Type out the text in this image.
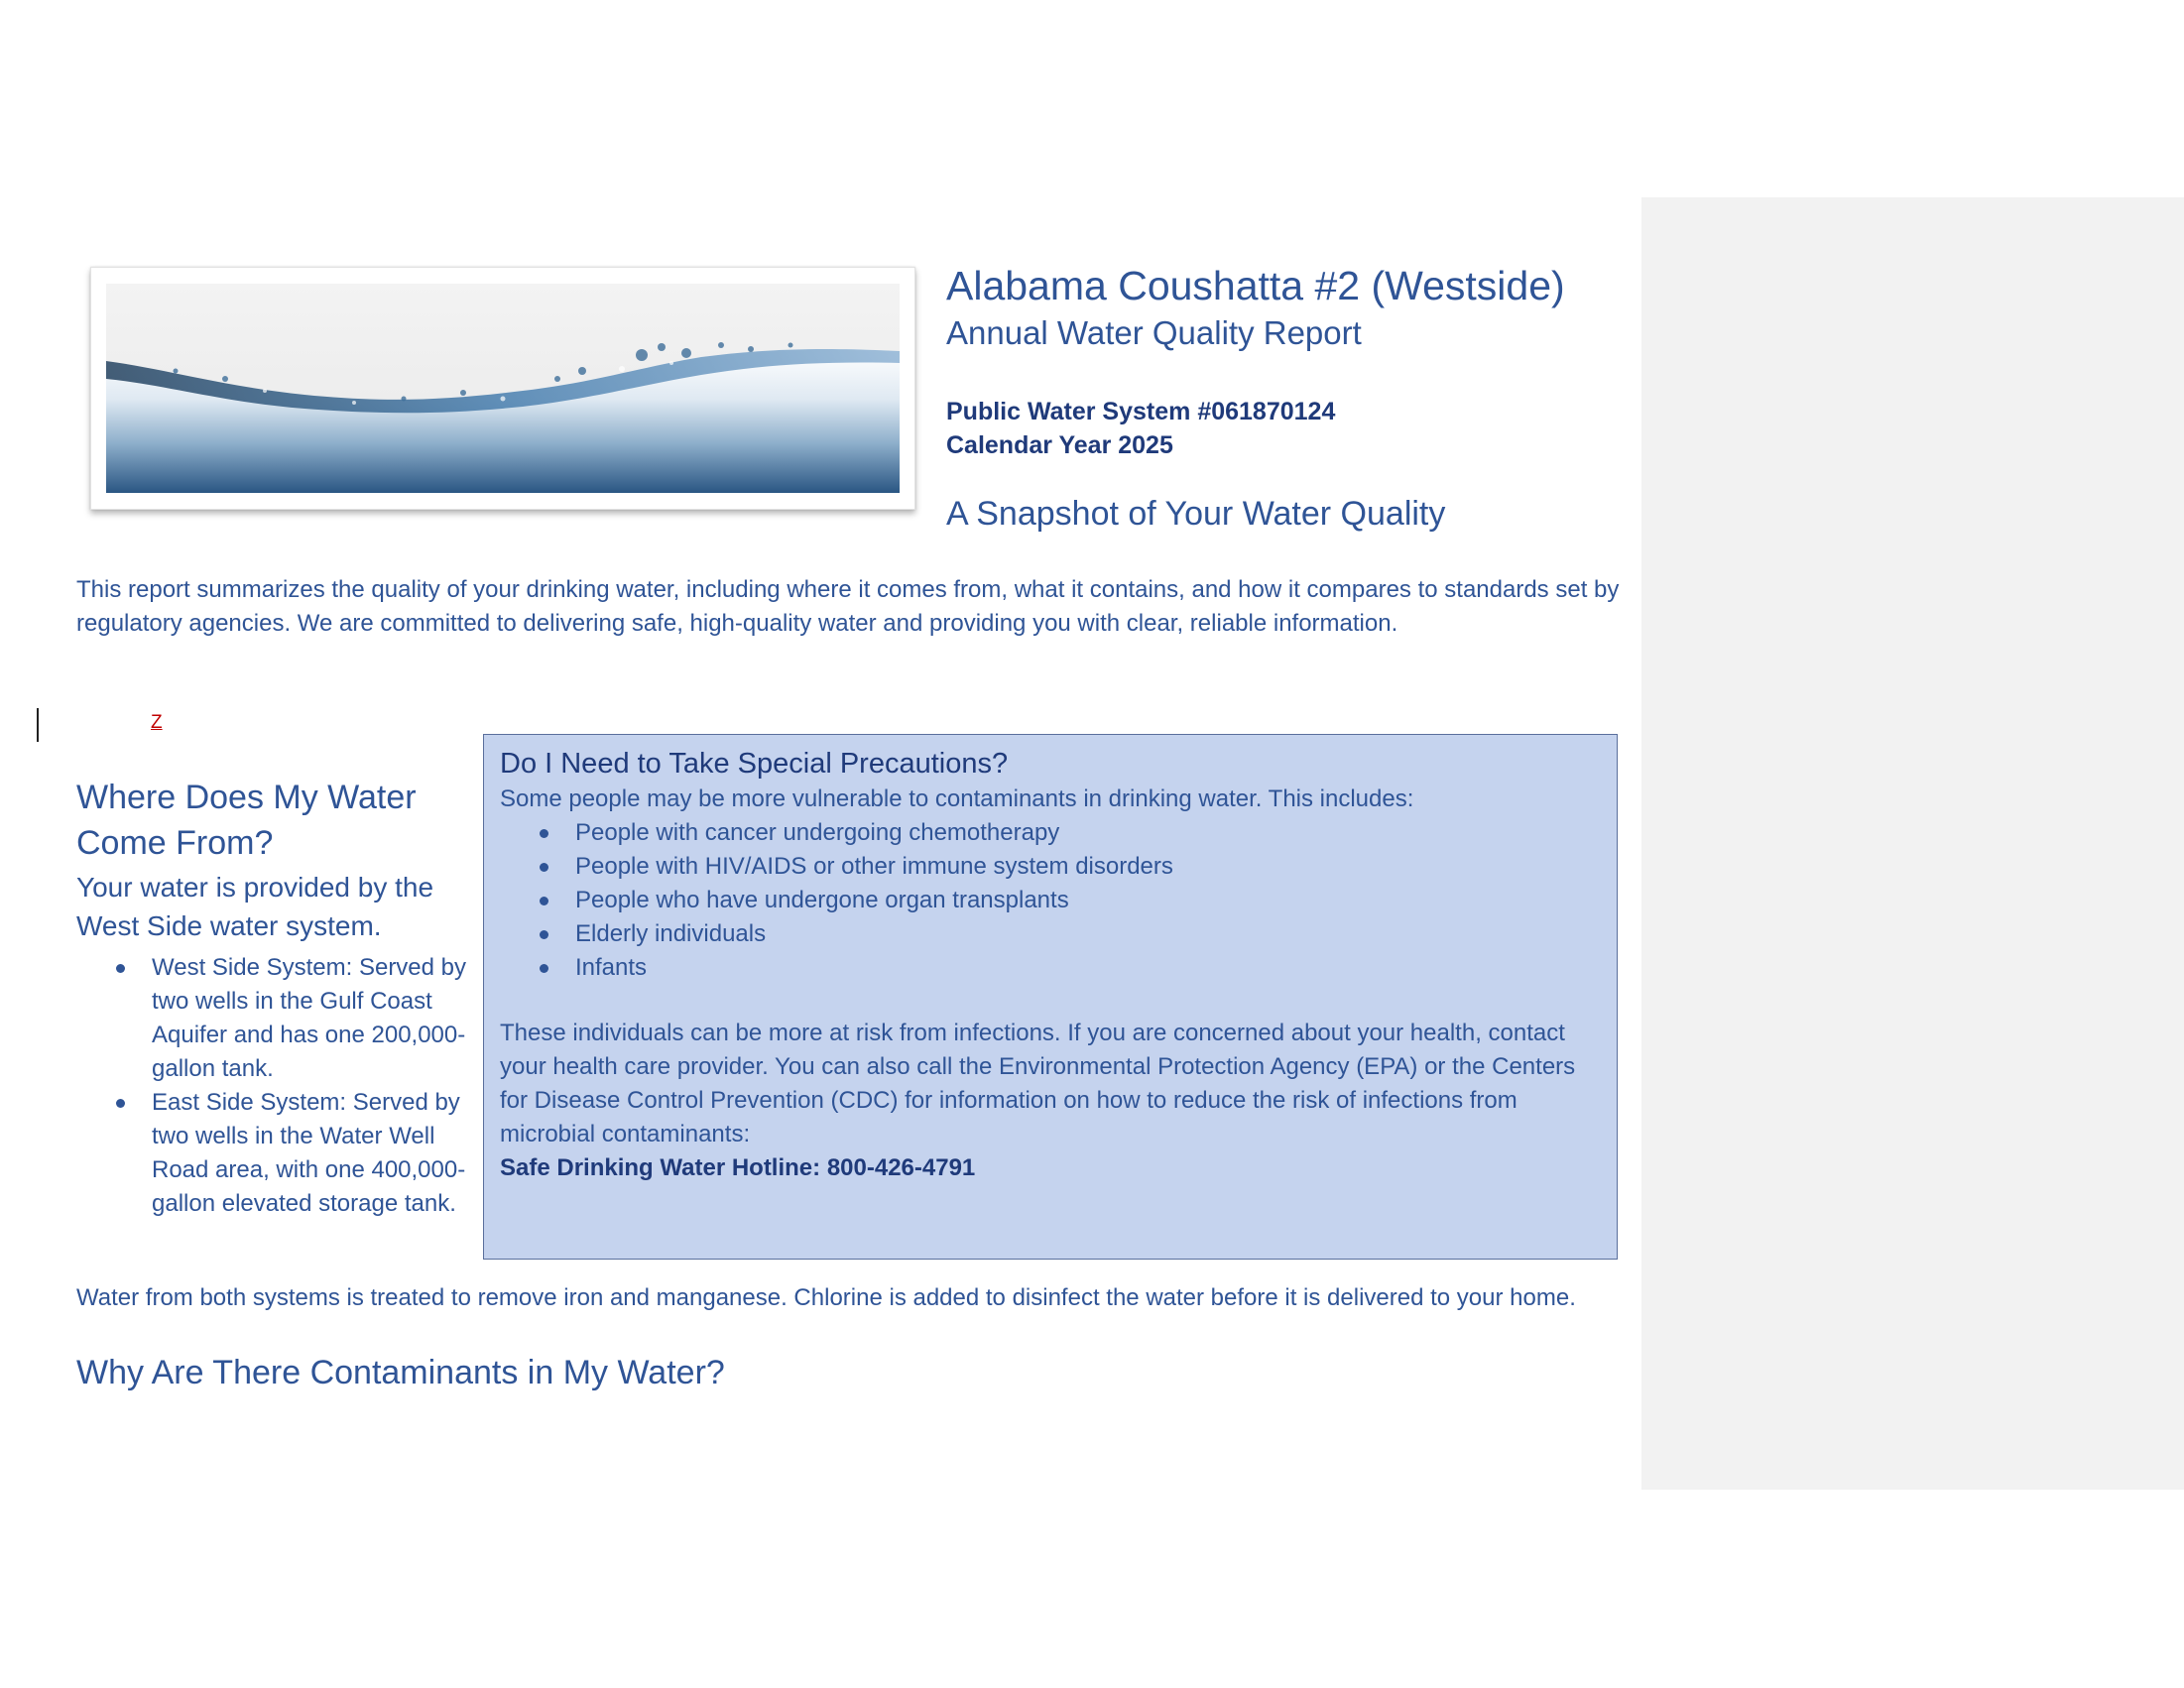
Alabama Coushatta #2 (Westside)

Annual Water Quality Report

Public Water System #061870124
Calendar Year 2025
A Snapshot of Your Water Quality

This report summarizes the quality of your drinking water, including where it comes from, what it contains, and how it compares to standards set by regulatory agencies. We are committed to delivering safe, high-quality water and providing you with clear, reliable information.

Z
Where Does My Water Come From?

Your water is provided by the West Side water system.

West Side System: Served by two wells in the Gulf Coast Aquifer and has one 200,000-gallon tank.
East Side System: Served by two wells in the Water Well Road area, with one 400,000-gallon elevated storage tank.
Do I Need to Take Special Precautions?

Some people may be more vulnerable to contaminants in drinking water. This includes:

People with cancer undergoing chemotherapy
People with HIV/AIDS or other immune system disorders
People who have undergone organ transplants
Elderly individuals
Infants

These individuals can be more at risk from infections. If you are concerned about your health, contact your health care provider. You can also call the Environmental Protection Agency (EPA) or the Centers for Disease Control Prevention (CDC) for information on how to reduce the risk of infections from microbial contaminants:

Safe Drinking Water Hotline: 800-426-4791

Water from both systems is treated to remove iron and manganese. Chlorine is added to disinfect the water before it is delivered to your home.

Why Are There Contaminants in My Water?
